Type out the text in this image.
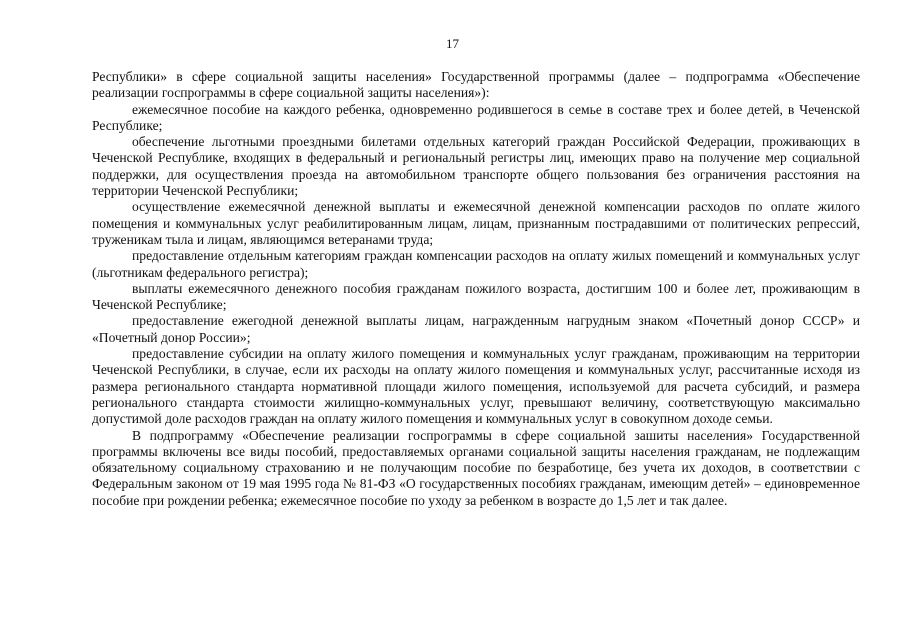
17

Республики» в сфере социальной защиты населения» Государственной программы (далее – подпрограмма «Обеспечение реализации госпрограммы в сфере социальной защиты населения»):

ежемесячное пособие на каждого ребенка, одновременно родившегося в семье в составе трех и более детей, в Чеченской Республике;

обеспечение льготными проездными билетами отдельных категорий граждан Российской Федерации, проживающих в Чеченской Республике, входящих в федеральный и региональный регистры лиц, имеющих право на получение мер социальной поддержки, для осуществления проезда на автомобильном транспорте общего пользования без ограничения расстояния на территории Чеченской Республики;

осуществление ежемесячной денежной выплаты и ежемесячной денежной компенсации расходов по оплате жилого помещения и коммунальных услуг реабилитированным лицам, лицам, признанным пострадавшими от политических репрессий, труженикам тыла и лицам, являющимся ветеранами труда;

предоставление отдельным категориям граждан компенсации расходов на оплату жилых помещений и коммунальных услуг (льготникам федерального регистра);

выплаты ежемесячного денежного пособия гражданам пожилого возраста, достигшим 100 и более лет, проживающим в Чеченской Республике;

предоставление ежегодной денежной выплаты лицам, награжденным нагрудным знаком «Почетный донор СССР» и «Почетный донор России»;

предоставление субсидии на оплату жилого помещения и коммунальных услуг гражданам, проживающим на территории Чеченской Республики, в случае, если их расходы на оплату жилого помещения и коммунальных услуг, рассчитанные исходя из размера регионального стандарта нормативной площади жилого помещения, используемой для расчета субсидий, и размера регионального стандарта стоимости жилищно-коммунальных услуг, превышают величину, соответствующую максимально допустимой доле расходов граждан на оплату жилого помещения и коммунальных услуг в совокупном доходе семьи.

В подпрограмму «Обеспечение реализации госпрограммы в сфере социальной зашиты населения» Государственной программы включены все виды пособий, предоставляемых органами социальной защиты населения гражданам, не подлежащим обязательному социальному страхованию и не получающим пособие по безработице, без учета их доходов, в соответствии с Федеральным законом от 19 мая 1995 года № 81-ФЗ «О государственных пособиях гражданам, имеющим детей» – единовременное пособие при рождении ребенка; ежемесячное пособие по уходу за ребенком в возрасте до 1,5 лет и так далее.
